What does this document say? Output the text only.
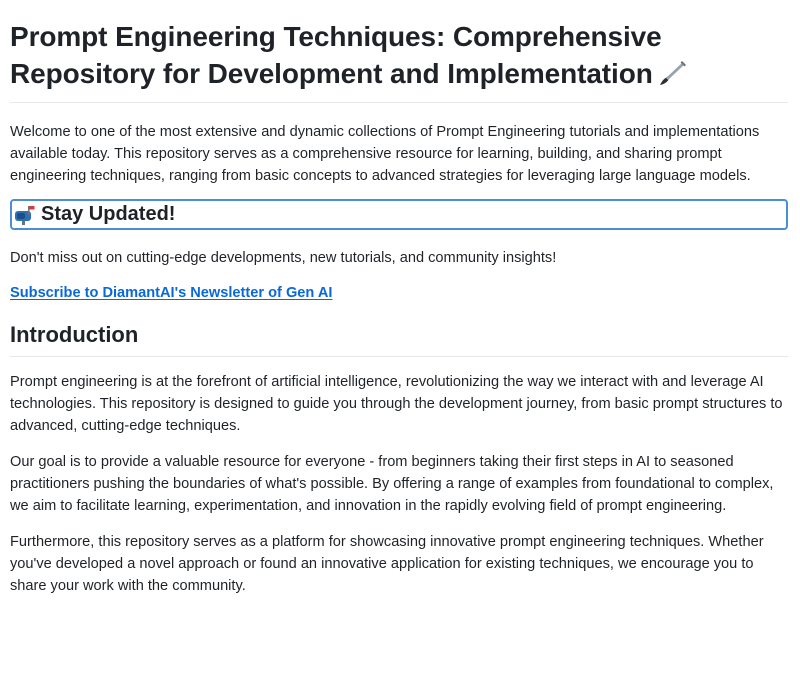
Prompt Engineering Techniques: Comprehensive
Repository for Development and Implementation

Welcome to one of the most extensive and dynamic collections of Prompt Engineering tutorials and implementations available today. This repository serves as a comprehensive resource for learning, building, and sharing prompt engineering techniques, ranging from basic concepts to advanced strategies for leveraging large language models.

Stay Updated!

Don't miss out on cutting-edge developments, new tutorials, and community insights!

Subscribe to DiamantAI's Newsletter of Gen AI

Introduction

Prompt engineering is at the forefront of artificial intelligence, revolutionizing the way we interact with and leverage AI technologies. This repository is designed to guide you through the development journey, from basic prompt structures to advanced, cutting-edge techniques.

Our goal is to provide a valuable resource for everyone - from beginners taking their first steps in AI to seasoned practitioners pushing the boundaries of what's possible. By offering a range of examples from foundational to complex, we aim to facilitate learning, experimentation, and innovation in the rapidly evolving field of prompt engineering.

Furthermore, this repository serves as a platform for showcasing innovative prompt engineering techniques. Whether you've developed a novel approach or found an innovative application for existing techniques, we encourage you to share your work with the community.
